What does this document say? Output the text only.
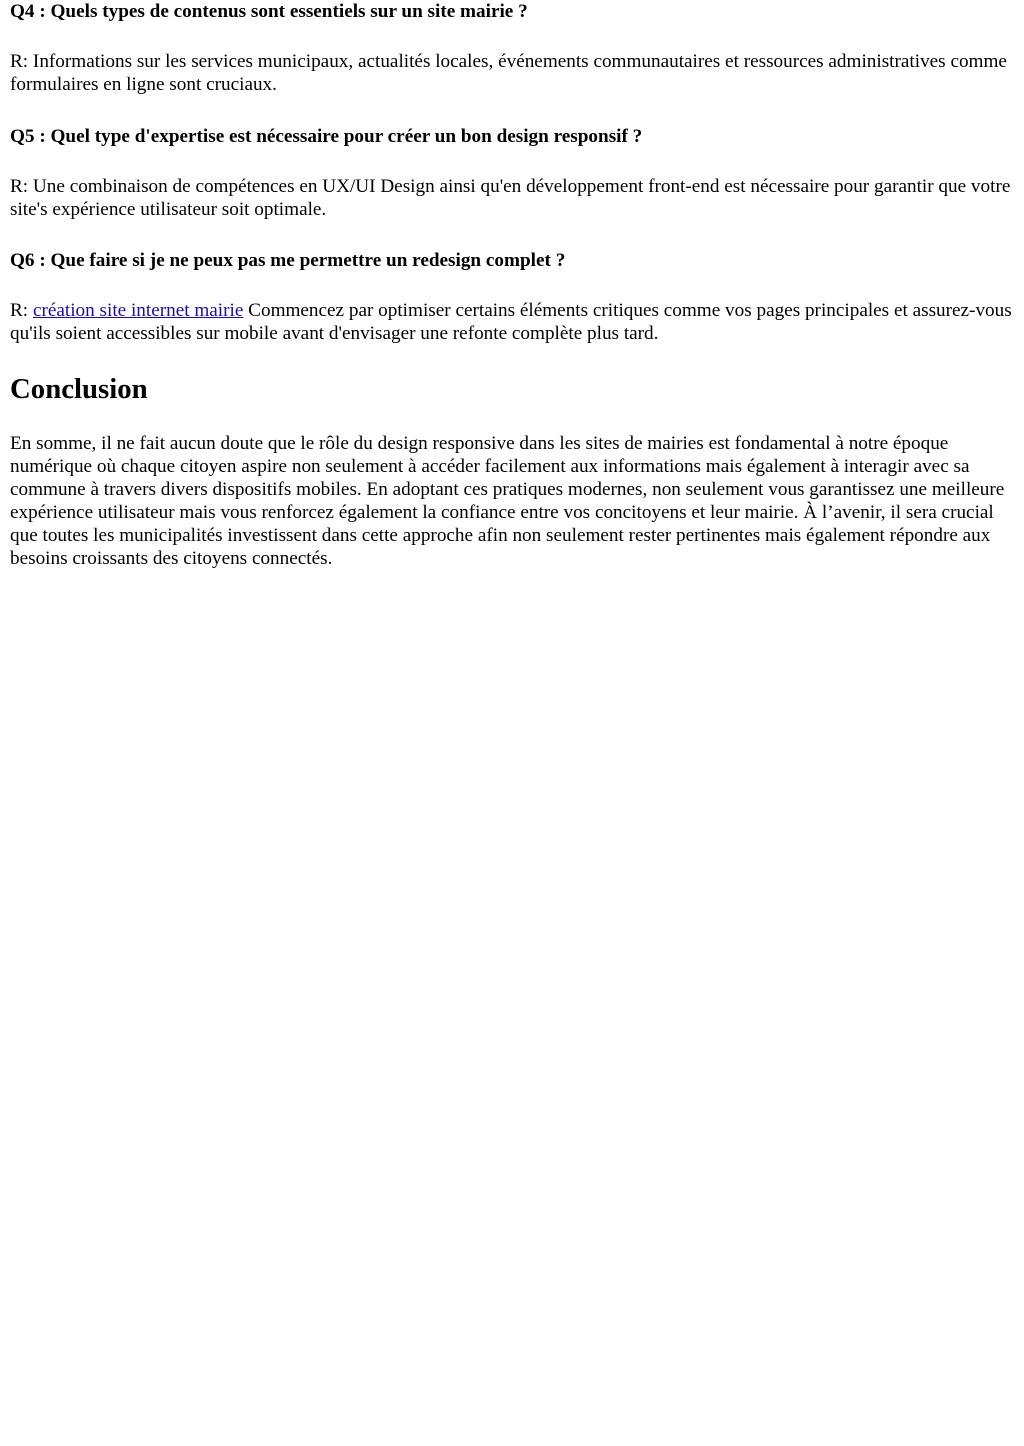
Q4 : Quels types de contenus sont essentiels sur un site mairie ?

R: Informations sur les services municipaux, actualités locales, événements communautaires et ressources administratives comme formulaires en ligne sont cruciaux.

Q5 : Quel type d'expertise est nécessaire pour créer un bon design responsif ?

R: Une combinaison de compétences en UX/UI Design ainsi qu'en développement front-end est nécessaire pour garantir que votre site's expérience utilisateur soit optimale.

Q6 : Que faire si je ne peux pas me permettre un redesign complet ?

R: création site internet mairie Commencez par optimiser certains éléments critiques comme vos pages principales et assurez-vous qu'ils soient accessibles sur mobile avant d'envisager une refonte complète plus tard.

Conclusion

En somme, il ne fait aucun doute que le rôle du design responsive dans les sites de mairies est fondamental à notre époque numérique où chaque citoyen aspire non seulement à accéder facilement aux informations mais également à interagir avec sa commune à travers divers dispositifs mobiles. En adoptant ces pratiques modernes, non seulement vous garantissez une meilleure expérience utilisateur mais vous renforcez également la confiance entre vos concitoyens et leur mairie. À l’avenir, il sera crucial que toutes les municipalités investissent dans cette approche afin non seulement rester pertinentes mais également répondre aux besoins croissants des citoyens connectés.
